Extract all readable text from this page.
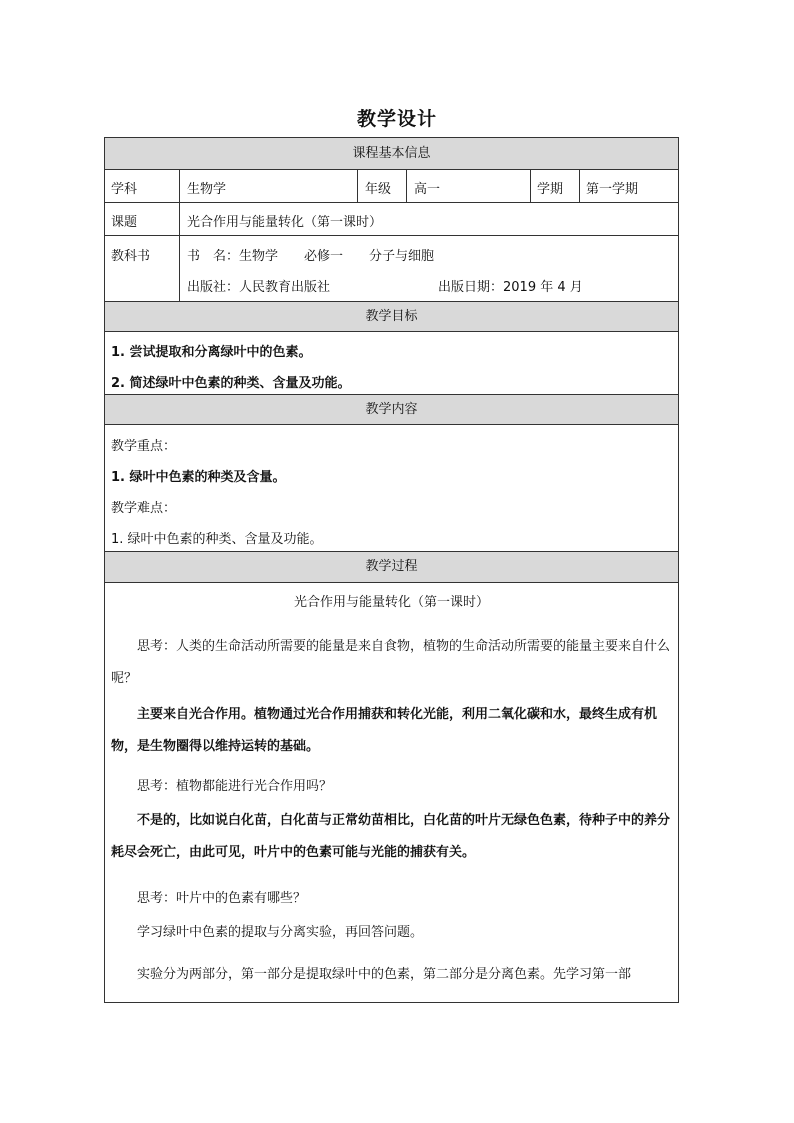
教学设计
课程基本信息
学科	生物学	年级 高一	学期 第一学期
课题	光合作用与能量转化（第一课时）
教科书	书　名：生物学　　必修一　　分子与细胞
出版社：人民教育出版社	出版日期：2019 年 4 月
教学目标
1. 尝试提取和分离绿叶中的色素。
2. 简述绿叶中色素的种类、含量及功能。
教学内容
教学重点：
1. 绿叶中色素的种类及含量。
教学难点：
1. 绿叶中色素的种类、含量及功能。
教学过程
光合作用与能量转化（第一课时）
思考：人类的生命活动所需要的能量是来自食物，植物的生命活动所需要的能量主要来自什么呢？
主要来自光合作用。植物通过光合作用捕获和转化光能，利用二氧化碳和水，最终生成有机物，是生物圈得以维持运转的基础。
思考：植物都能进行光合作用吗？
不是的，比如说白化苗，白化苗与正常幼苗相比，白化苗的叶片无绿色色素，待种子中的养分耗尽会死亡，由此可见，叶片中的色素可能与光能的捕获有关。
思考：叶片中的色素有哪些？
学习绿叶中色素的提取与分离实验，再回答问题。
实验分为两部分，第一部分是提取绿叶中的色素，第二部分是分离色素。先学习第一部
